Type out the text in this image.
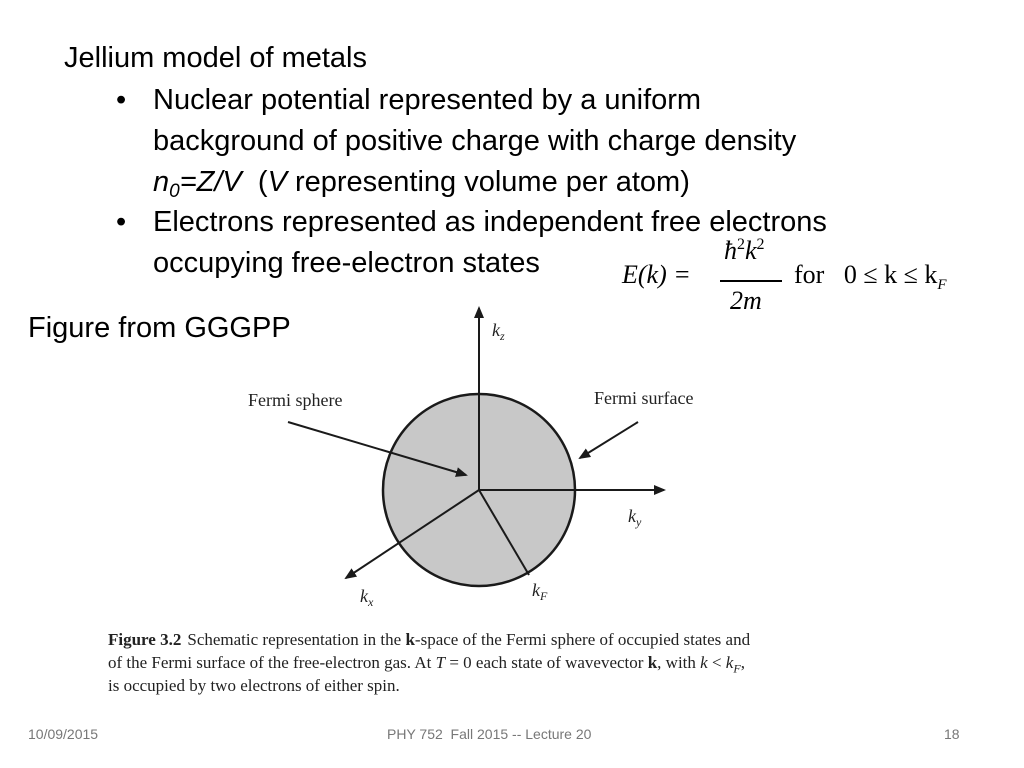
Jellium model of metals
• Nuclear potential represented by a uniform
background of positive charge with charge density
$n_0=Z/V$  (V representing volume per atom)
• Electrons represented as independent free electrons
occupying free-electron states	E(k) =
$ħ^2k^2$
2m
for   $0 \le k \le k_F$
Figure from GGGPP	$k_z$
$k_y$
$k_x$
$k_F$
Fermi sphere	Fermi surface
Figure 3.2 Schematic representation in the k-space of the Fermi sphere of occupied states and
of the Fermi surface of the free-electron gas. At T = 0 each state of wavevector k, with $k < k_F$,
is occupied by two electrons of either spin.
10/09/2015	PHY 752  Fall 2015 -- Lecture 20	18
